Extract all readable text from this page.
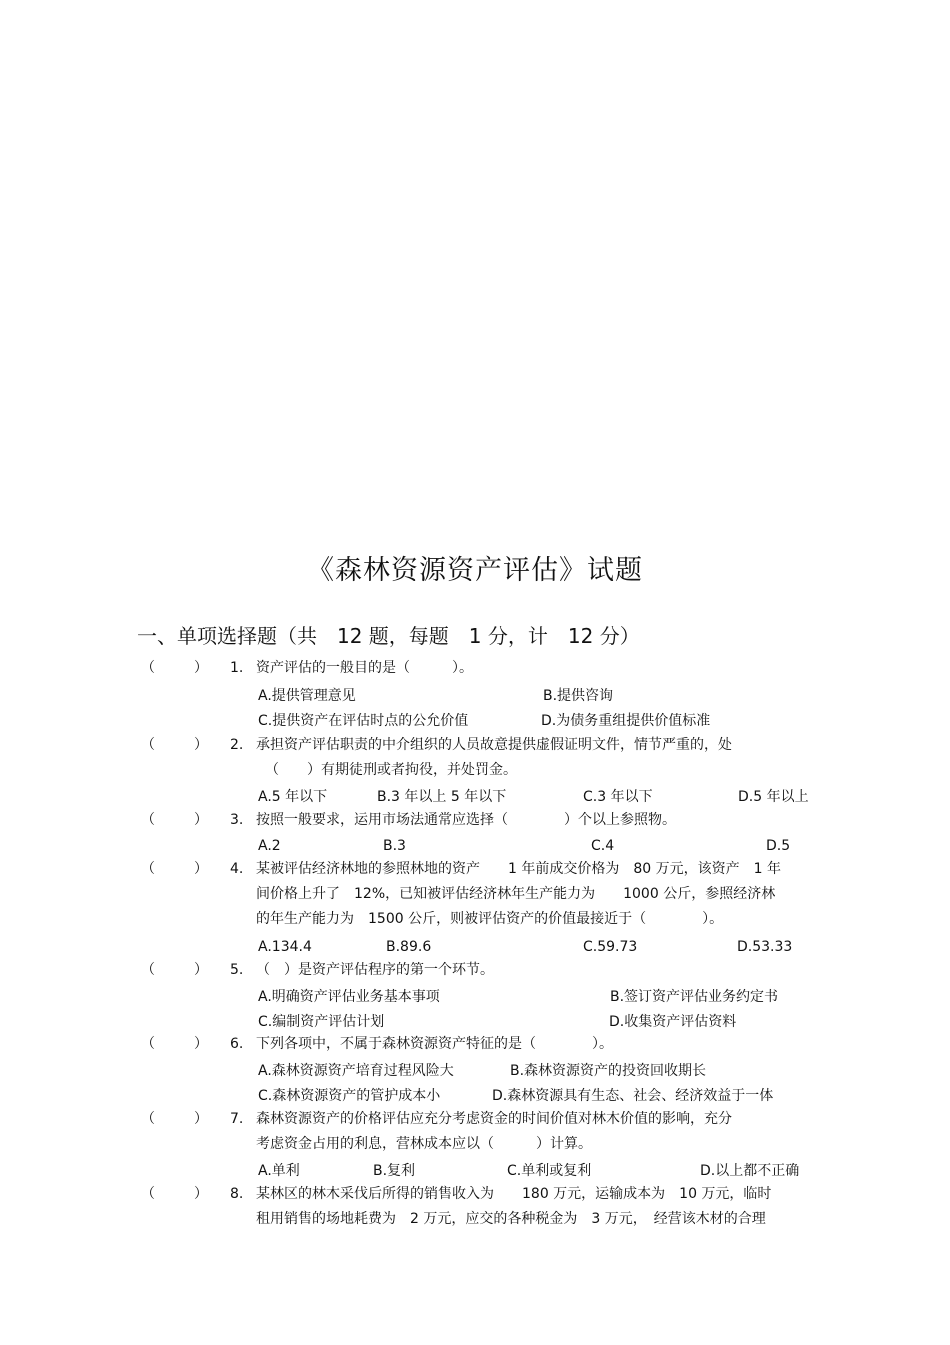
《森林资源资产评估》试题
一、单项选择题（共　12 题，每题　1 分，计　12 分）
（	） 1. 资产评估的一般目的是（　　　）。
A.提供管理意见	B.提供咨询
C.提供资产在评估时点的公允价值	D.为债务重组提供价值标准
（	） 2. 承担资产评估职责的中介组织的人员故意提供虚假证明文件，情节严重的，处
（　　）有期徒刑或者拘役，并处罚金。
A.5 年以下	B.3 年以上 5 年以下	C.3 年以下	D.5 年以上
（	） 3. 按照一般要求，运用市场法通常应选择（　　　　）个以上参照物。
A.2	B.3	C.4	D.5
（	） 4. 某被评估经济林地的参照林地的资产　　1 年前成交价格为　80 万元，该资产　1 年
间价格上升了　12%，已知被评估经济林年生产能力为　　1000 公斤，参照经济林
的年生产能力为　1500 公斤，则被评估资产的价值最接近于（　　　　）。
A.134.4	B.89.6	C.59.73	D.53.33
（	） 5. （　）是资产评估程序的第一个环节。
A.明确资产评估业务基本事项	B.签订资产评估业务约定书
C.编制资产评估计划	D.收集资产评估资料
（	） 6. 下列各项中，不属于森林资源资产特征的是（　　　　）。
A.森林资源资产培育过程风险大	B.森林资源资产的投资回收期长
C.森林资源资产的管护成本小	D.森林资源具有生态、社会、经济效益于一体
（	） 7. 森林资源资产的价格评估应充分考虑资金的时间价值对林木价值的影响，充分
考虑资金占用的利息，营林成本应以（　　　）计算。
A.单利	B.复利	C.单利或复利	D.以上都不正确
（	） 8. 某林区的林木采伐后所得的销售收入为　　180 万元，运输成本为　10 万元，临时
租用销售的场地耗费为　2 万元，应交的各种税金为　3 万元，　经营该木材的合理
